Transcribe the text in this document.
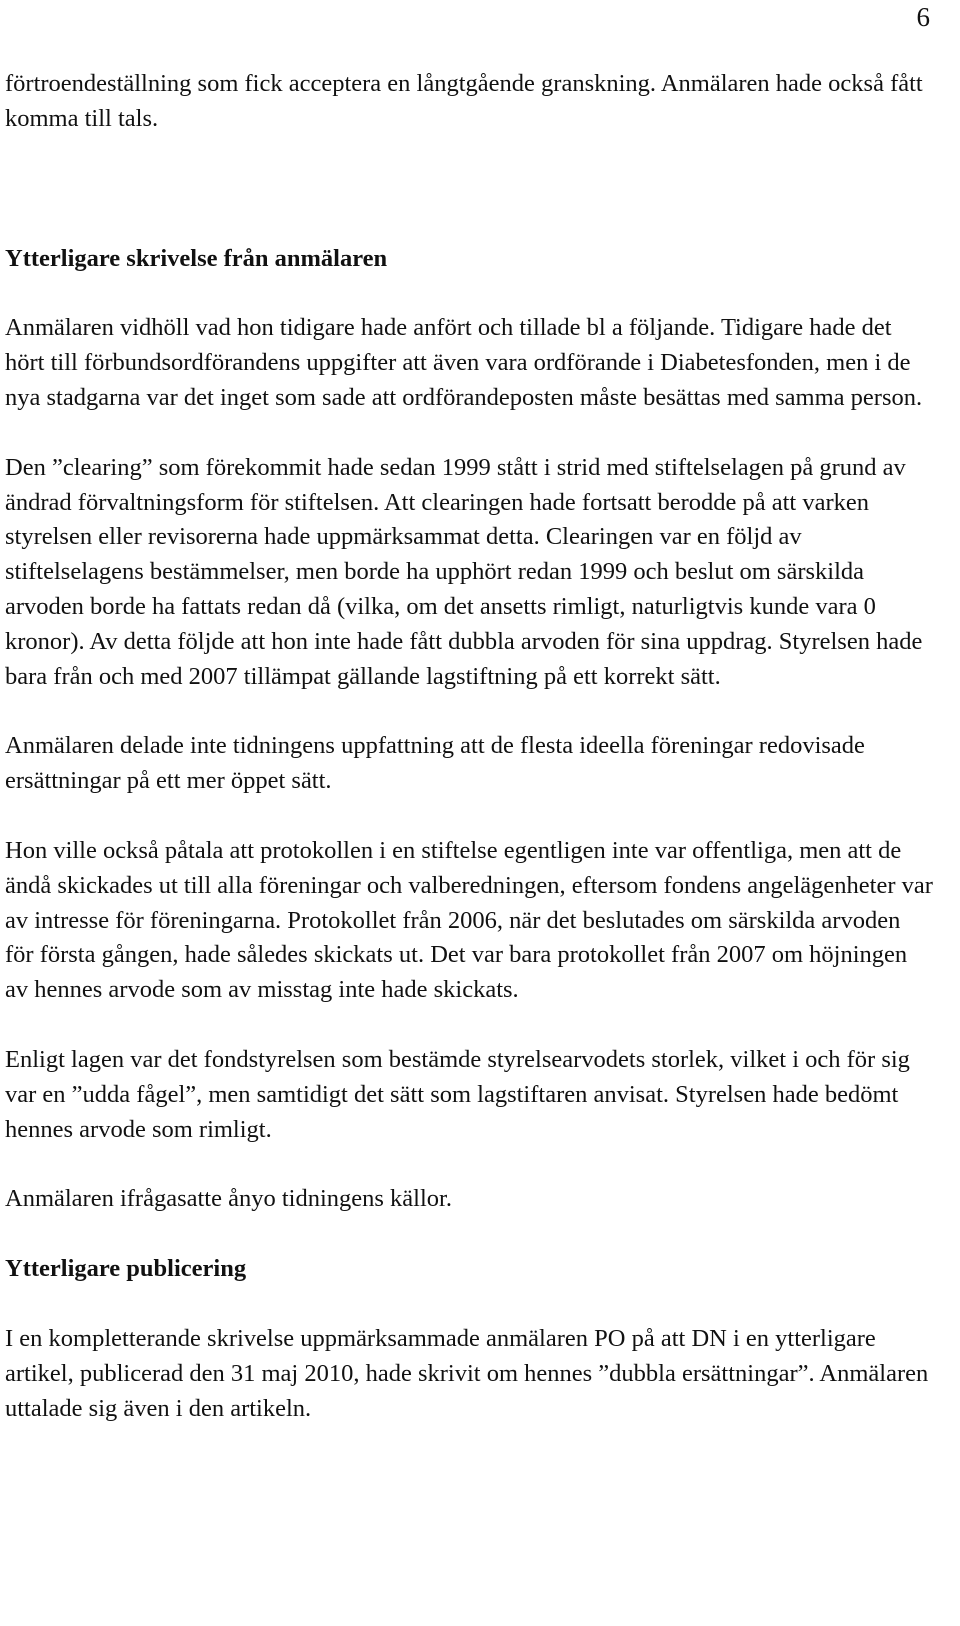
6

förtroendeställning som fick acceptera en långtgående granskning. Anmälaren hade också fått komma till tals.

Ytterligare skrivelse från anmälaren

Anmälaren vidhöll vad hon tidigare hade anfört och tillade bl a följande. Tidigare hade det hört till förbundsordförandens uppgifter att även vara ordförande i Diabetesfonden, men i de nya stadgarna var det inget som sade att ordförandeposten måste besättas med samma person.

Den ”clearing” som förekommit hade sedan 1999 stått i strid med stiftelselagen på grund av ändrad förvaltningsform för stiftelsen. Att clearingen hade fortsatt berodde på att varken styrelsen eller revisorerna hade uppmärksammat detta. Clearingen var en följd av stiftelselagens bestämmelser, men borde ha upphört redan 1999 och beslut om särskilda arvoden borde ha fattats redan då (vilka, om det ansetts rimligt, naturligtvis kunde vara 0 kronor). Av detta följde att hon inte hade fått dubbla arvoden för sina uppdrag. Styrelsen hade bara från och med 2007 tillämpat gällande lagstiftning på ett korrekt sätt.

Anmälaren delade inte tidningens uppfattning att de flesta ideella föreningar redovisade ersättningar på ett mer öppet sätt.

Hon ville också påtala att protokollen i en stiftelse egentligen inte var offentliga, men att de ändå skickades ut till alla föreningar och valberedningen, eftersom fondens angelägenheter var av intresse för föreningarna. Protokollet från 2006, när det beslutades om särskilda arvoden för första gången, hade således skickats ut. Det var bara protokollet från 2007 om höjningen av hennes arvode som av misstag inte hade skickats.

Enligt lagen var det fondstyrelsen som bestämde styrelsearvodets storlek, vilket i och för sig var en ”udda fågel”, men samtidigt det sätt som lagstiftaren anvisat. Styrelsen hade bedömt hennes arvode som rimligt.

Anmälaren ifrågasatte ånyo tidningens källor.

Ytterligare publicering

I en kompletterande skrivelse uppmärksammade anmälaren PO på att DN i en ytterligare artikel, publicerad den 31 maj 2010, hade skrivit om hennes ”dubbla ersättningar”. Anmälaren uttalade sig även i den artikeln.
